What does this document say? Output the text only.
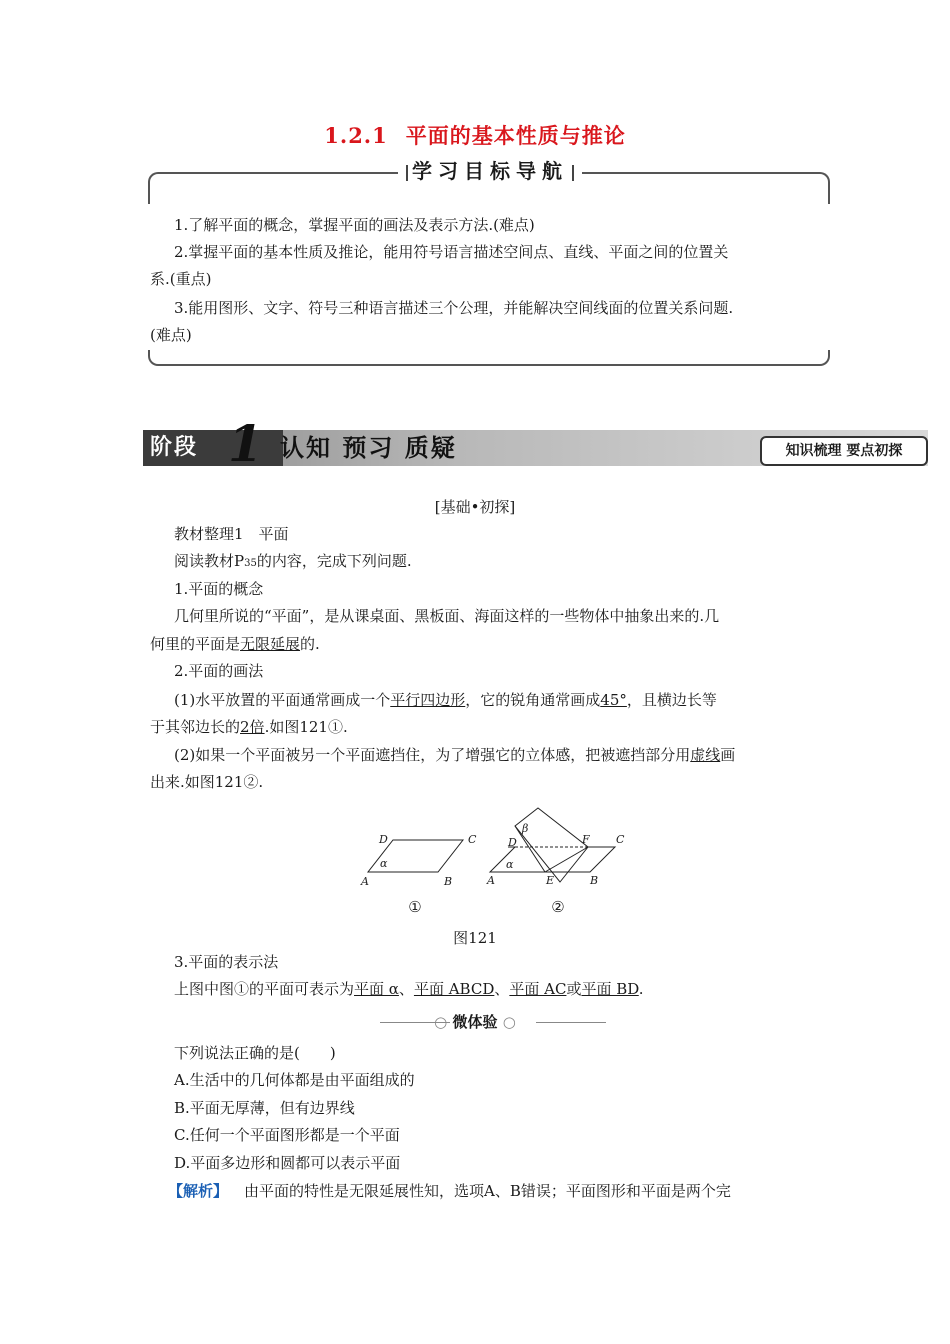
1.2.1 平面的基本性质与推论
学习目标导航
1.了解平面的概念，掌握平面的画法及表示方法.(难点)
2.掌握平面的基本性质及推论，能用符号语言描述空间点、直线、平面之间的位置关
系.(重点)
3.能用图形、文字、符号三种语言描述三个公理，并能解决空间线面的位置关系问题.
(难点)
阶段 1 认知 预习 质疑	知识梳理 要点初探
[基础•初探]
教材整理1　平面
阅读教材P35的内容，完成下列问题.
1.平面的概念
几何里所说的“平面”，是从课桌面、黑板面、海面这样的一些物体中抽象出来的.几
何里的平面是无限延展的.
2.平面的画法
(1)水平放置的平面通常画成一个平行四边形，它的锐角通常画成45°，且横边长等
于其邻边长的2倍.如图121①.
(2)如果一个平面被另一个平面遮挡住，为了增强它的立体感，把被遮挡部分用虚线画
出来.如图121②.
D	C
A	B
α
β
D	F C
α
A	E	B
①	②
图121
3.平面的表示法
上图中图①的平面可表示为平面 α、平面 ABCD、平面 AC或平面 BD.
○ 微体验 ○
下列说法正确的是(　　)
A.生活中的几何体都是由平面组成的
B.平面无厚薄，但有边界线
C.任何一个平面图形都是一个平面
D.平面多边形和圆都可以表示平面
【解析】 由平面的特性是无限延展性知，选项A、B错误；平面图形和平面是两个完
